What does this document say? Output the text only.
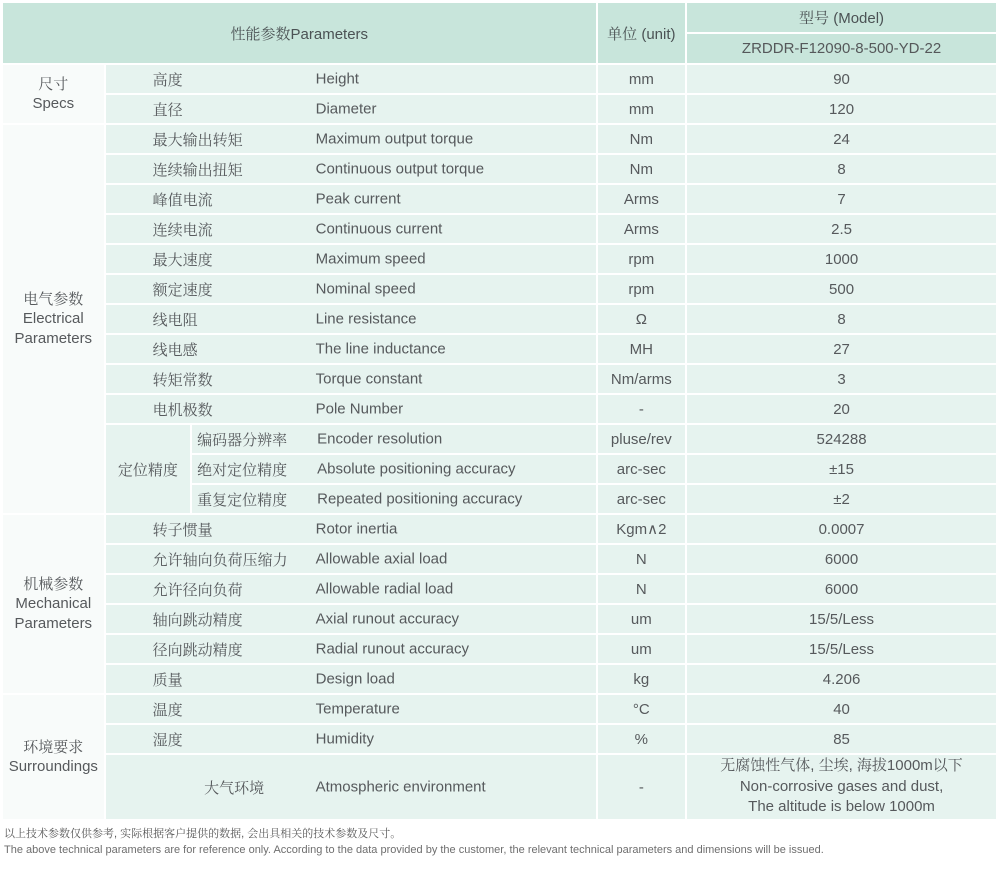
性能参数Parameters			单位 (unit)	型号 (Model)
				ZRDDR-F12090-8-500-YD-22
尺寸
Specs	高度 Height		mm	90
	直径 Diameter		mm	120
电气参数
Electrical Parameters	最大输出转矩 Maximum output torque		Nm	24
	连续输出扭矩 Continuous output torque		Nm	8
	峰值电流 Peak current		Arms	7
	连续电流 Continuous current		Arms	2.5
	最大速度 Maximum speed		rpm	1000
	额定速度 Nominal speed		rpm	500
	线电阻 Line resistance		Ω	8
	线电感 The line inductance		MH	27
	转矩常数 Torque constant		Nm/arms	3
	电机极数 Pole Number		-	20
	定位精度	编码器分辨率 Encoder resolution	pluse/rev	524288
		绝对定位精度 Absolute positioning accuracy	arc-sec	±15
		重复定位精度 Repeated positioning accuracy	arc-sec	±2
机械参数
Mechanical Parameters	转子惯量 Rotor inertia		Kgm∧2	0.0007
	允许轴向负荷压缩力 Allowable axial load		N	6000
	允许径向负荷 Allowable radial load		N	6000
	轴向跳动精度 Axial runout accuracy		um	15/5/Less
	径向跳动精度 Radial runout accuracy		um	15/5/Less
	质量 Design load		kg	4.206
环境要求
Surroundings	温度 Temperature		°C	40
	湿度 Humidity		%	85
	大气环境 Atmospheric environment		-	无腐蚀性气体, 尘埃, 海拔1000m以下
Non-corrosive gases and dust,
The altitude is below 1000m
以上技术参数仅供参考, 实际根据客户提供的数据, 会出具相关的技术参数及尺寸。
The above technical parameters are for reference only. According to the data provided by the customer, the relevant technical parameters and dimensions will be issued.
